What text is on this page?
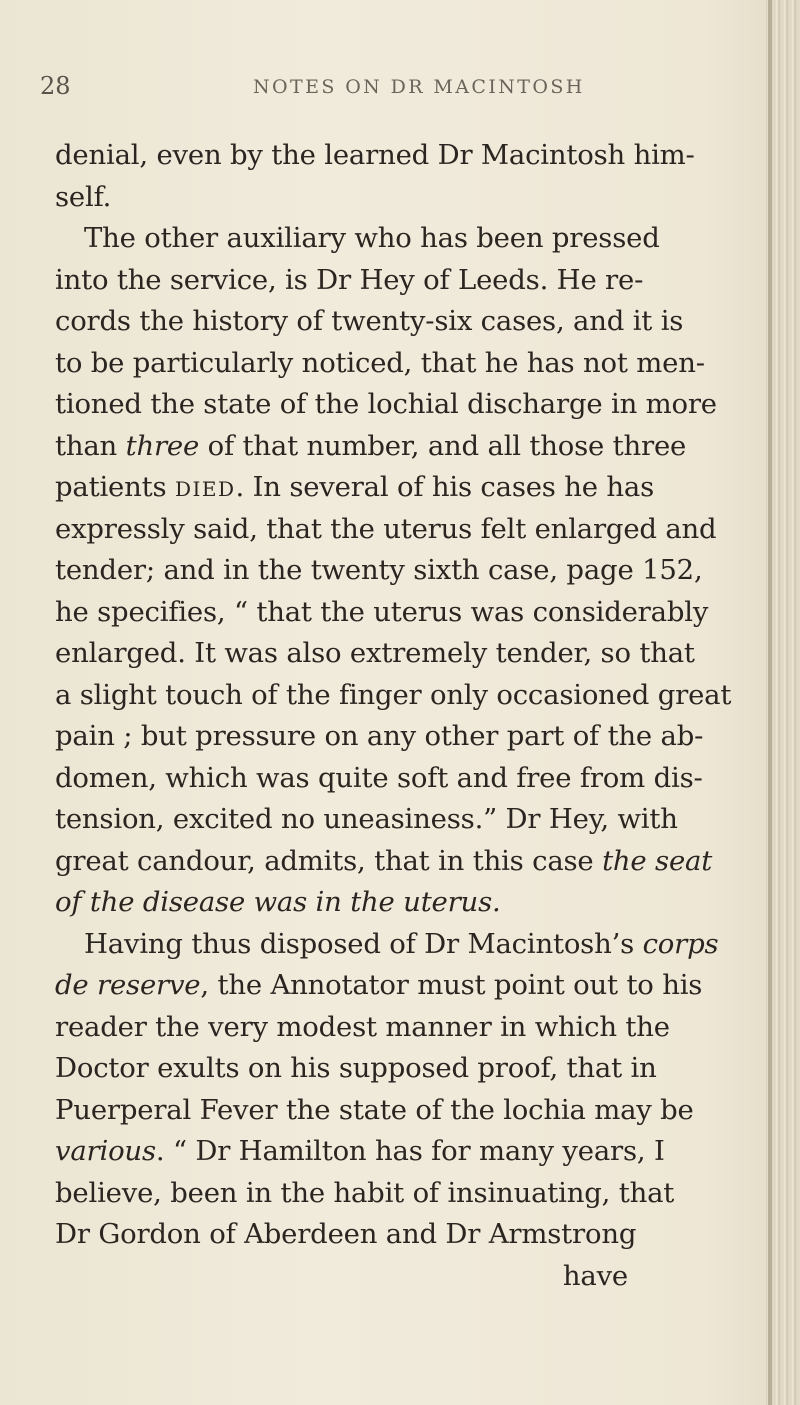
28	NOTES ON DR MACINTOSH
denial, even by the learned Dr Macintosh him-
self.
The other auxiliary who has been pressed
into the service, is Dr Hey of Leeds. He re-
cords the history of twenty-six cases, and it is
to be particularly noticed, that he has not men-
tioned the state of the lochial discharge in more
than three of that number, and all those three
patients DIED. In several of his cases he has
expressly said, that the uterus felt enlarged and
tender; and in the twenty sixth case, page 152,
he specifies, “ that the uterus was considerably
enlarged. It was also extremely tender, so that
a slight touch of the finger only occasioned great
pain ; but pressure on any other part of the ab-
domen, which was quite soft and free from dis-
tension, excited no uneasiness.” Dr Hey, with
great candour, admits, that in this case the seat
of the disease was in the uterus.
Having thus disposed of Dr Macintosh’s corps
de reserve, the Annotator must point out to his
reader the very modest manner in which the
Doctor exults on his supposed proof, that in
Puerperal Fever the state of the lochia may be
various. “ Dr Hamilton has for many years, I
believe, been in the habit of insinuating, that
Dr Gordon of Aberdeen and Dr Armstrong
have
